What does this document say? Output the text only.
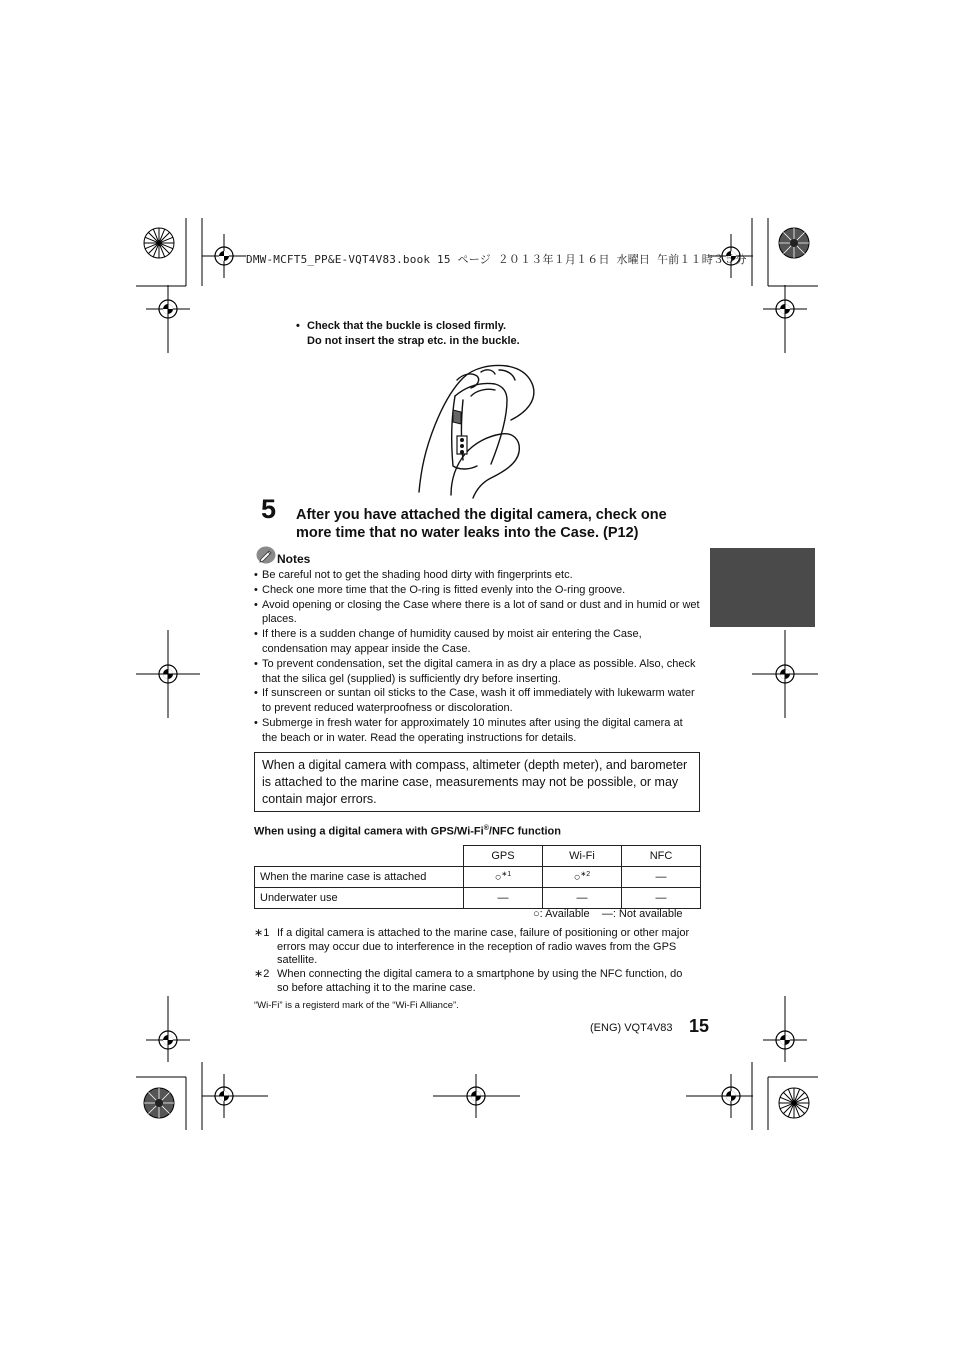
DMW-MCFT5_PP&E-VQT4V83.book 15 ページ ２０１３年１月１６日 水曜日 午前１１時３５分
• Check that the buckle is closed firmly.
Do not insert the strap etc. in the buckle.
5 After you have attached the digital camera, check one more time that no water leaks into the Case. (P12)
Notes
• Be careful not to get the shading hood dirty with fingerprints etc.
• Check one more time that the O-ring is fitted evenly into the O-ring groove.
• Avoid opening or closing the Case where there is a lot of sand or dust and in humid or wet places.
• If there is a sudden change of humidity caused by moist air entering the Case, condensation may appear inside the Case.
• To prevent condensation, set the digital camera in as dry a place as possible. Also, check that the silica gel (supplied) is sufficiently dry before inserting.
• If sunscreen or suntan oil sticks to the Case, wash it off immediately with lukewarm water to prevent reduced waterproofness or discoloration.
• Submerge in fresh water for approximately 10 minutes after using the digital camera at the beach or in water. Read the operating instructions for details.
When a digital camera with compass, altimeter (depth meter), and barometer is attached to the marine case, measurements may not be possible, or may contain major errors.
When using a digital camera with GPS/Wi-Fi®/NFC function
	GPS	Wi-Fi	NFC
When the marine case is attached	○$^{∗1}$	○$^{∗2}$	—
Underwater use	—	—	—
○: Available    —: Not available
∗1 If a digital camera is attached to the marine case, failure of positioning or other major errors may occur due to interference in the reception of radio waves from the GPS satellite.
∗2 When connecting the digital camera to a smartphone by using the NFC function, do so before attaching it to the marine case.
“Wi-Fi” is a registerd mark of the “Wi-Fi Alliance”.
(ENG) VQT4V83 15
